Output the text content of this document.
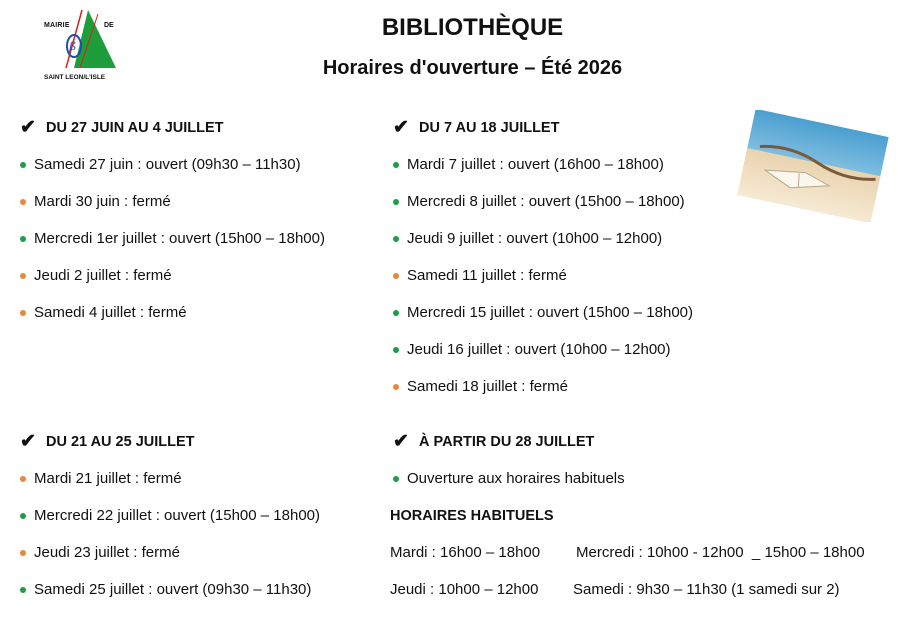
ß
MAIRIE	DE
SAINT LEON/L'ISLE
BIBLIOTHÈQUE
Horaires d'ouverture – Été 2026
✔ DU 27 JUIN AU 4 JUILLET
Samedi 27 juin : ouvert (09h30 – 11h30)
Mardi 30 juin : fermé
Mercredi 1er juillet : ouvert (15h00 – 18h00)
Jeudi 2 juillet : fermé
Samedi 4 juillet : fermé
✔ DU 7 AU 18 JUILLET
Mardi 7 juillet : ouvert (16h00 – 18h00)
Mercredi 8 juillet : ouvert (15h00 – 18h00)
Jeudi 9 juillet : ouvert (10h00 – 12h00)
Samedi 11 juillet : fermé
Mercredi 15 juillet : ouvert (15h00 – 18h00)
Jeudi 16 juillet : ouvert (10h00 – 12h00)
Samedi 18 juillet : fermé
✔ DU 21 AU 25 JUILLET
Mardi 21 juillet : fermé
Mercredi 22 juillet : ouvert (15h00 – 18h00)
Jeudi 23 juillet : fermé
Samedi 25 juillet : ouvert (09h30 – 11h30)
✔ À PARTIR DU 28 JUILLET
Ouverture aux horaires habituels
HORAIRES HABITUELS
Mardi : 16h00 – 18h00	Mercredi : 10h00 - 12h00  _ 15h00 – 18h00
Jeudi : 10h00 – 12h00	Samedi : 9h30 – 11h30 (1 samedi sur 2)
